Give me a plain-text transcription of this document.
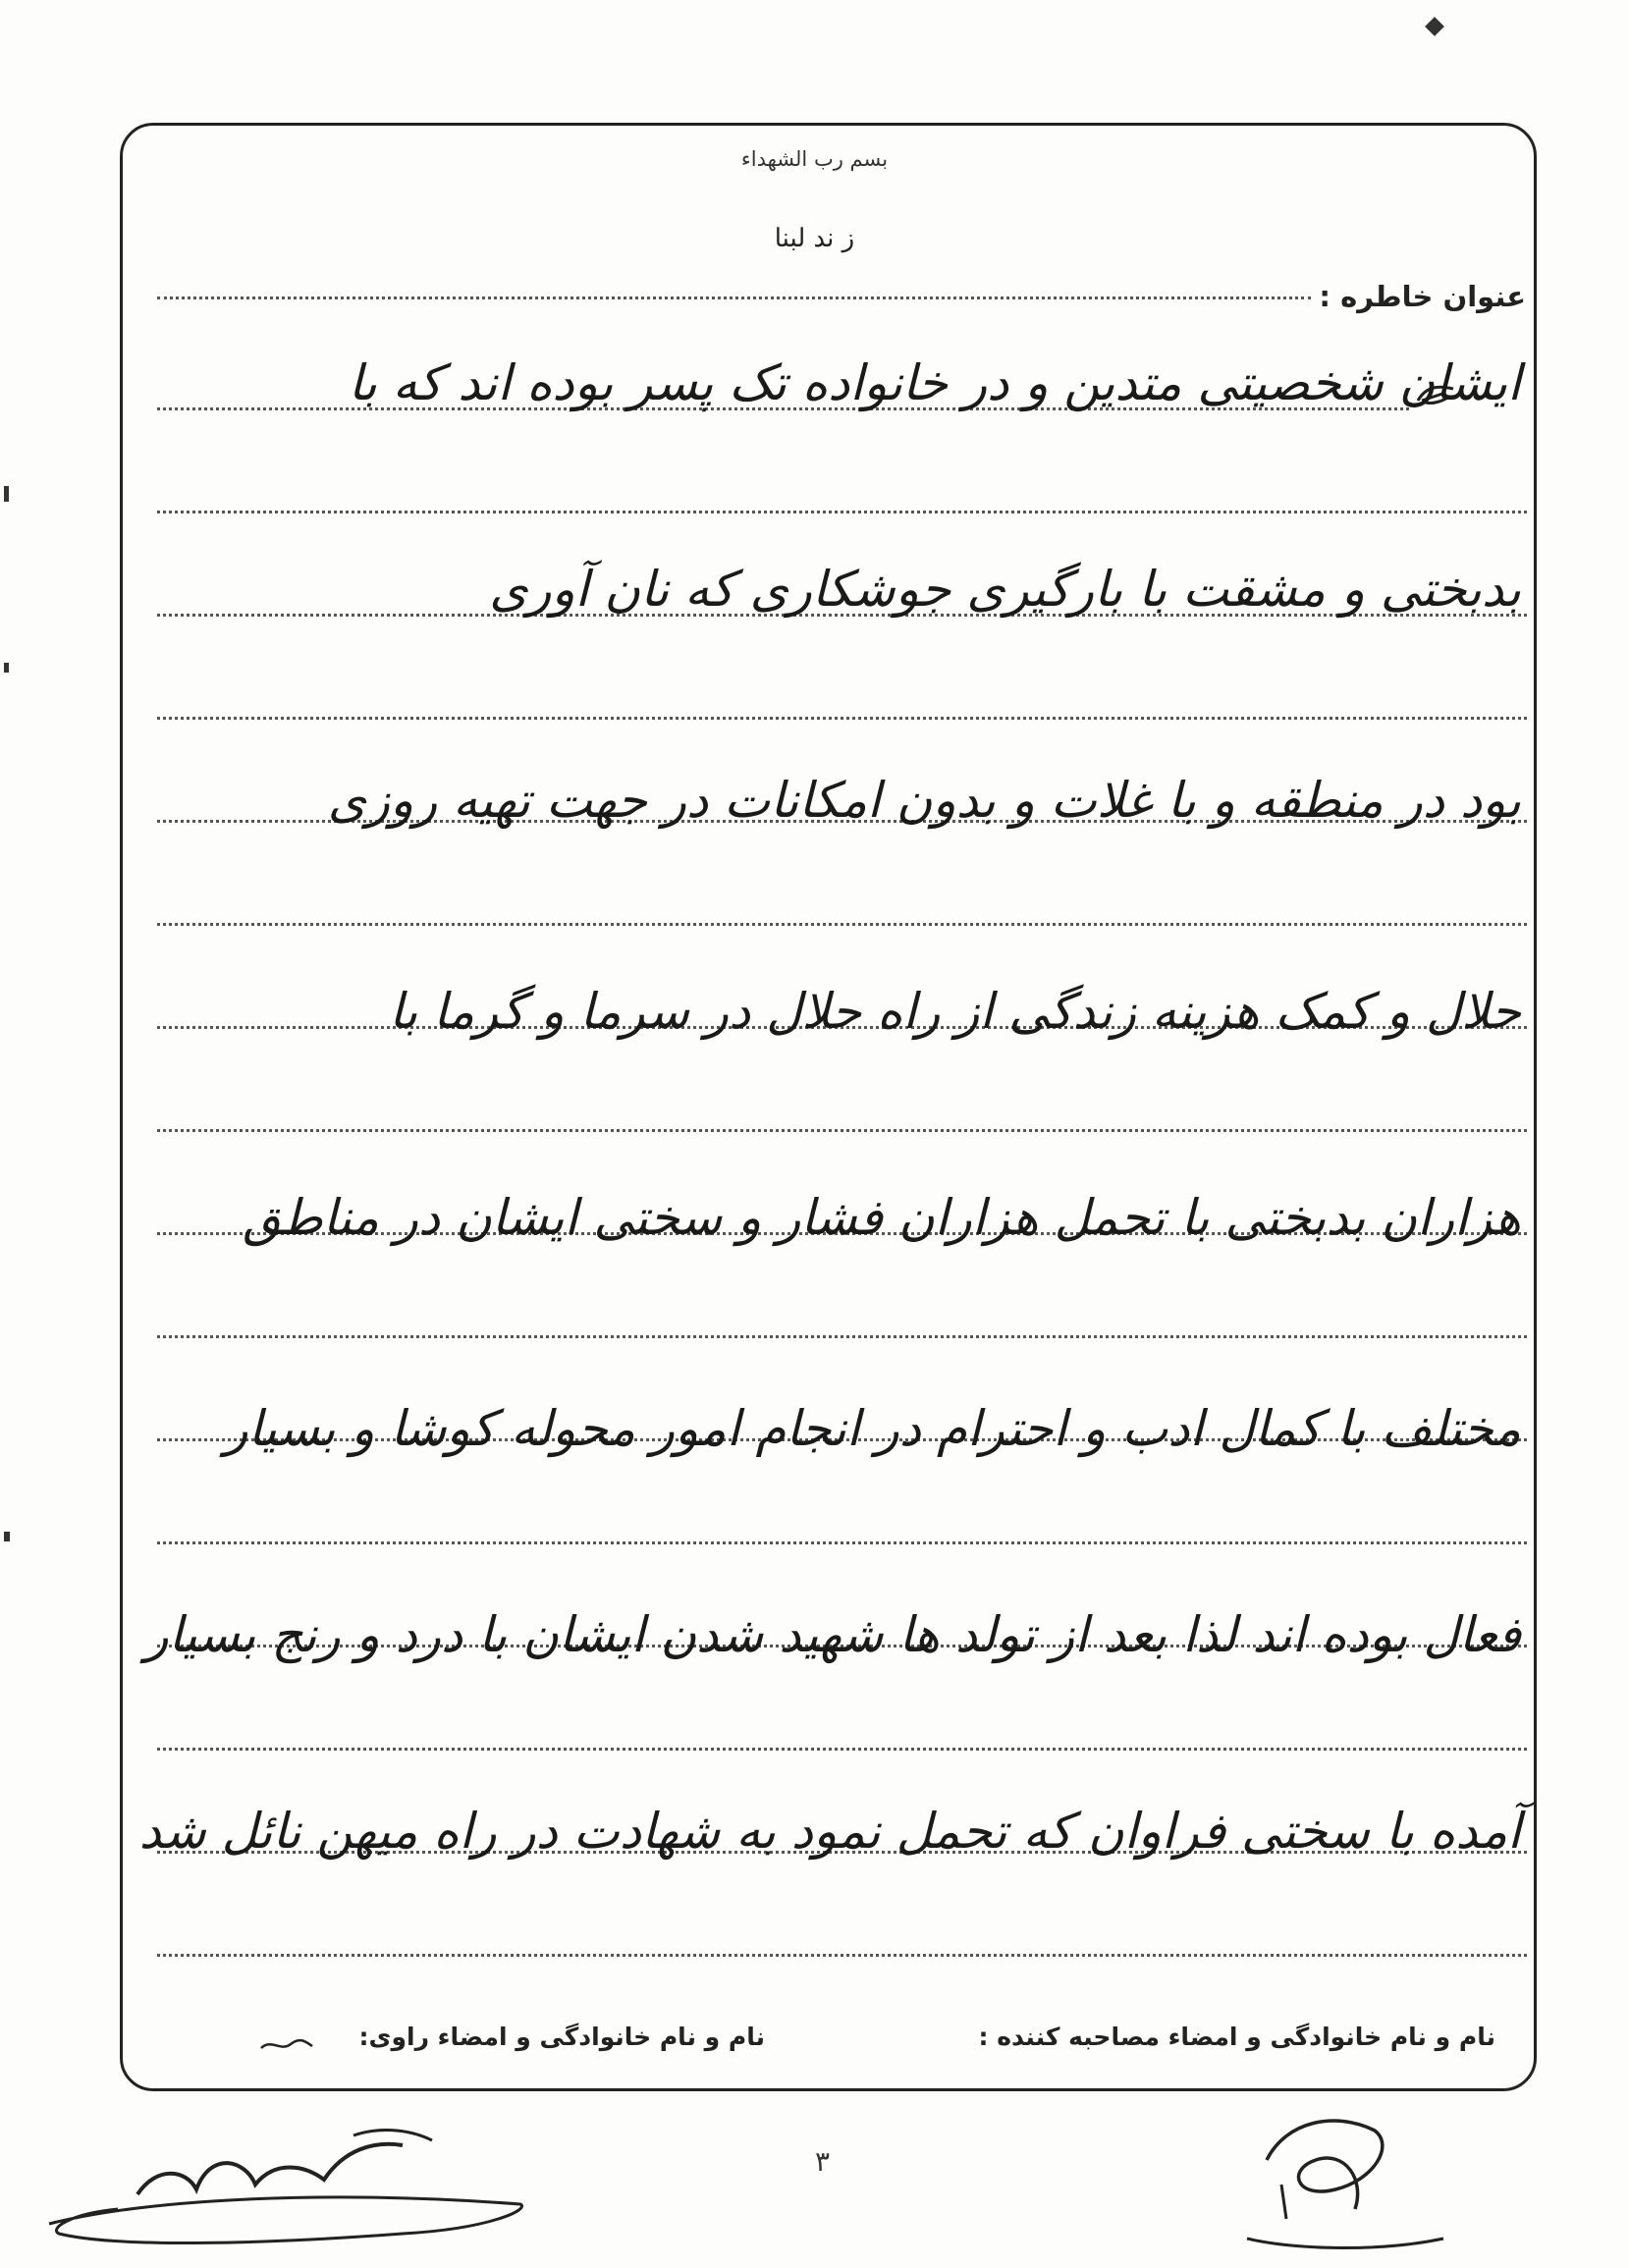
بسم رب الشهداء
ز ند لبنا
عنوان خاطره :
ایشان شخصیتی متدین و در خانواده تک پسر بوده اند که با
بدبختی و مشقت با بارگیری جوشکاری که نان آوری
بود در منطقه و با غلات و بدون امکانات در جهت تهیه روزی
حلال و کمک هزینه زندگی از راه حلال در سرما و گرما با
هزاران بدبختی با تحمل هزاران فشار و سختی ایشان در مناطق
مختلف با کمال ادب و احترام در انجام امور محوله کوشا و بسیار
فعال بوده اند لذا بعد از تولد ها شهید شدن ایشان با درد و رنج بسیار
آمده با سختی فراوان که تحمل نمود به شهادت در راه میهن نائل شد
نام و نام خانوادگی و امضاء مصاحبه کننده :
نام و نام خانوادگی و امضاء راوی:
۳
